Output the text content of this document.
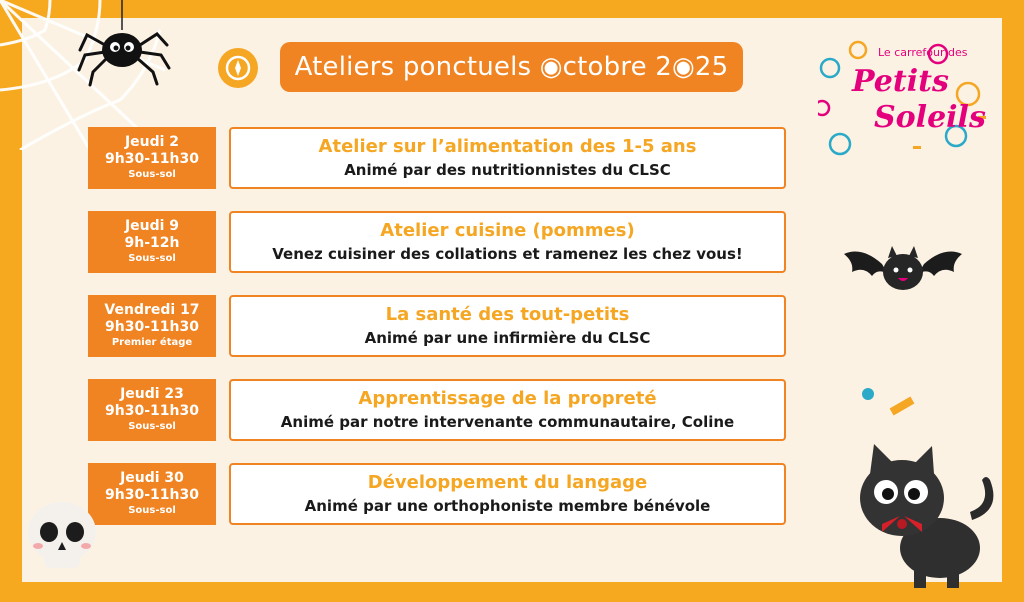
Ateliers ponctuels ◉ctobre 2◉25	Le carrefour des
Petits
Soleils
Jeudi 2
9h30-11h30
Sous-sol
Atelier sur l’alimentation des 1-5 ans
Animé par des nutritionnistes du CLSC
Jeudi 9
9h-12h
Sous-sol
Atelier cuisine (pommes)
Venez cuisiner des collations et ramenez les chez vous!
Vendredi 17
9h30-11h30
Premier étage
La santé des tout-petits
Animé par une infirmière du CLSC
Jeudi 23
9h30-11h30
Sous-sol
Apprentissage de la propreté
Animé par notre intervenante communautaire, Coline
Jeudi 30
9h30-11h30
Sous-sol
Développement du langage
Animé par une orthophoniste membre bénévole
